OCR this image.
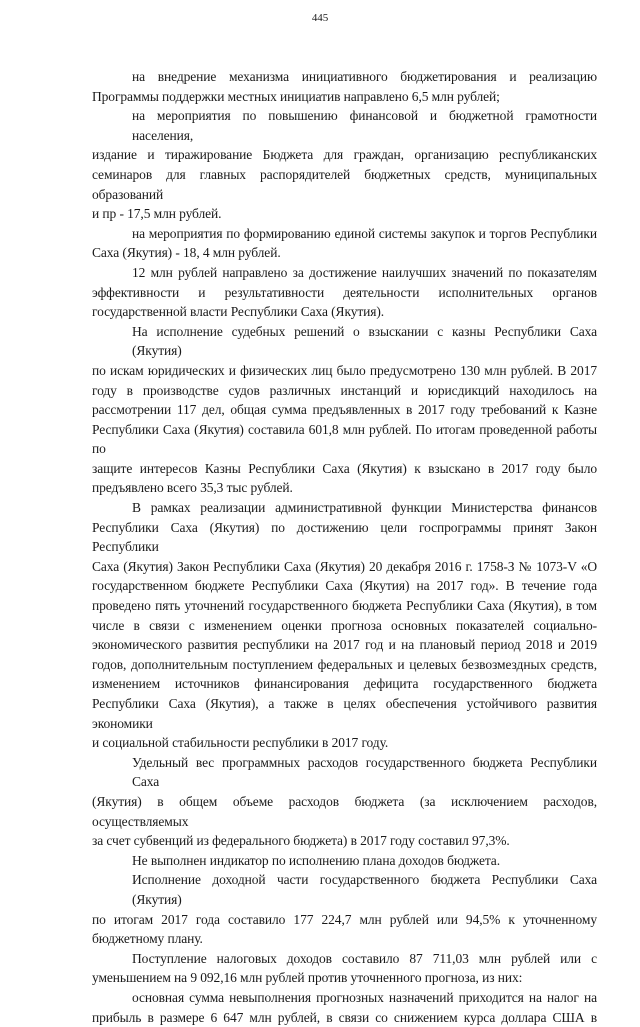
445
на внедрение механизма инициативного бюджетирования и реализацию
Программы поддержки местных инициатив направлено 6,5 млн рублей;
на мероприятия по повышению финансовой и бюджетной грамотности населения,
издание и тиражирование Бюджета для граждан, организацию республиканских
семинаров для главных распорядителей бюджетных средств, муниципальных образований
и пр - 17,5 млн рублей.
на мероприятия по формированию единой системы закупок и торгов Республики
Саха (Якутия) - 18, 4 млн рублей.
12 млн рублей направлено за достижение наилучших значений по показателям
эффективности и результативности деятельности исполнительных органов
государственной власти Республики Саха (Якутия).
На исполнение судебных решений о взыскании с казны Республики Саха (Якутия)
по искам юридических и физических лиц было предусмотрено 130 млн рублей. В 2017
году в производстве судов различных инстанций и юрисдикций находилось на
рассмотрении 117 дел, общая сумма предъявленных в 2017 году требований к Казне
Республики Саха (Якутия) составила 601,8 млн рублей. По итогам проведенной работы по
защите интересов Казны Республики Саха (Якутия) к взыскано в 2017 году было
предъявлено всего 35,3 тыс рублей.
В рамках реализации административной функции Министерства финансов
Республики Саха (Якутия) по достижению цели госпрограммы принят Закон Республики
Саха (Якутия) Закон Республики Саха (Якутия) 20 декабря 2016 г. 1758-З № 1073-V «О
государственном бюджете Республики Саха (Якутия) на 2017 год». В течение года
проведено пять уточнений государственного бюджета Республики Саха (Якутия), в том
числе в связи с изменением оценки прогноза основных показателей социально-
экономического развития республики на 2017 год и на плановый период 2018 и 2019
годов, дополнительным поступлением федеральных и целевых безвозмездных средств,
изменением источников финансирования дефицита государственного бюджета
Республики Саха (Якутия), а также в целях обеспечения устойчивого развития экономики
и социальной стабильности республики в 2017 году.
Удельный вес программных расходов государственного бюджета Республики Саха
(Якутия) в общем объеме расходов бюджета (за исключением расходов, осуществляемых
за счет субвенций из федерального бюджета) в 2017 году составил 97,3%.
Не выполнен индикатор по исполнению плана доходов бюджета.
Исполнение доходной части государственного бюджета Республики Саха (Якутия)
по итогам 2017 года составило 177 224,7 млн рублей или 94,5% к уточненному
бюджетному плану.
Поступление налоговых доходов составило 87 711,03 млн рублей или с
уменьшением на 9 092,16 млн рублей против уточненного прогноза, из них:
основная сумма невыполнения прогнозных назначений приходится на налог на
прибыль в размере 6 647 млн рублей, в связи со снижением курса доллара США в
